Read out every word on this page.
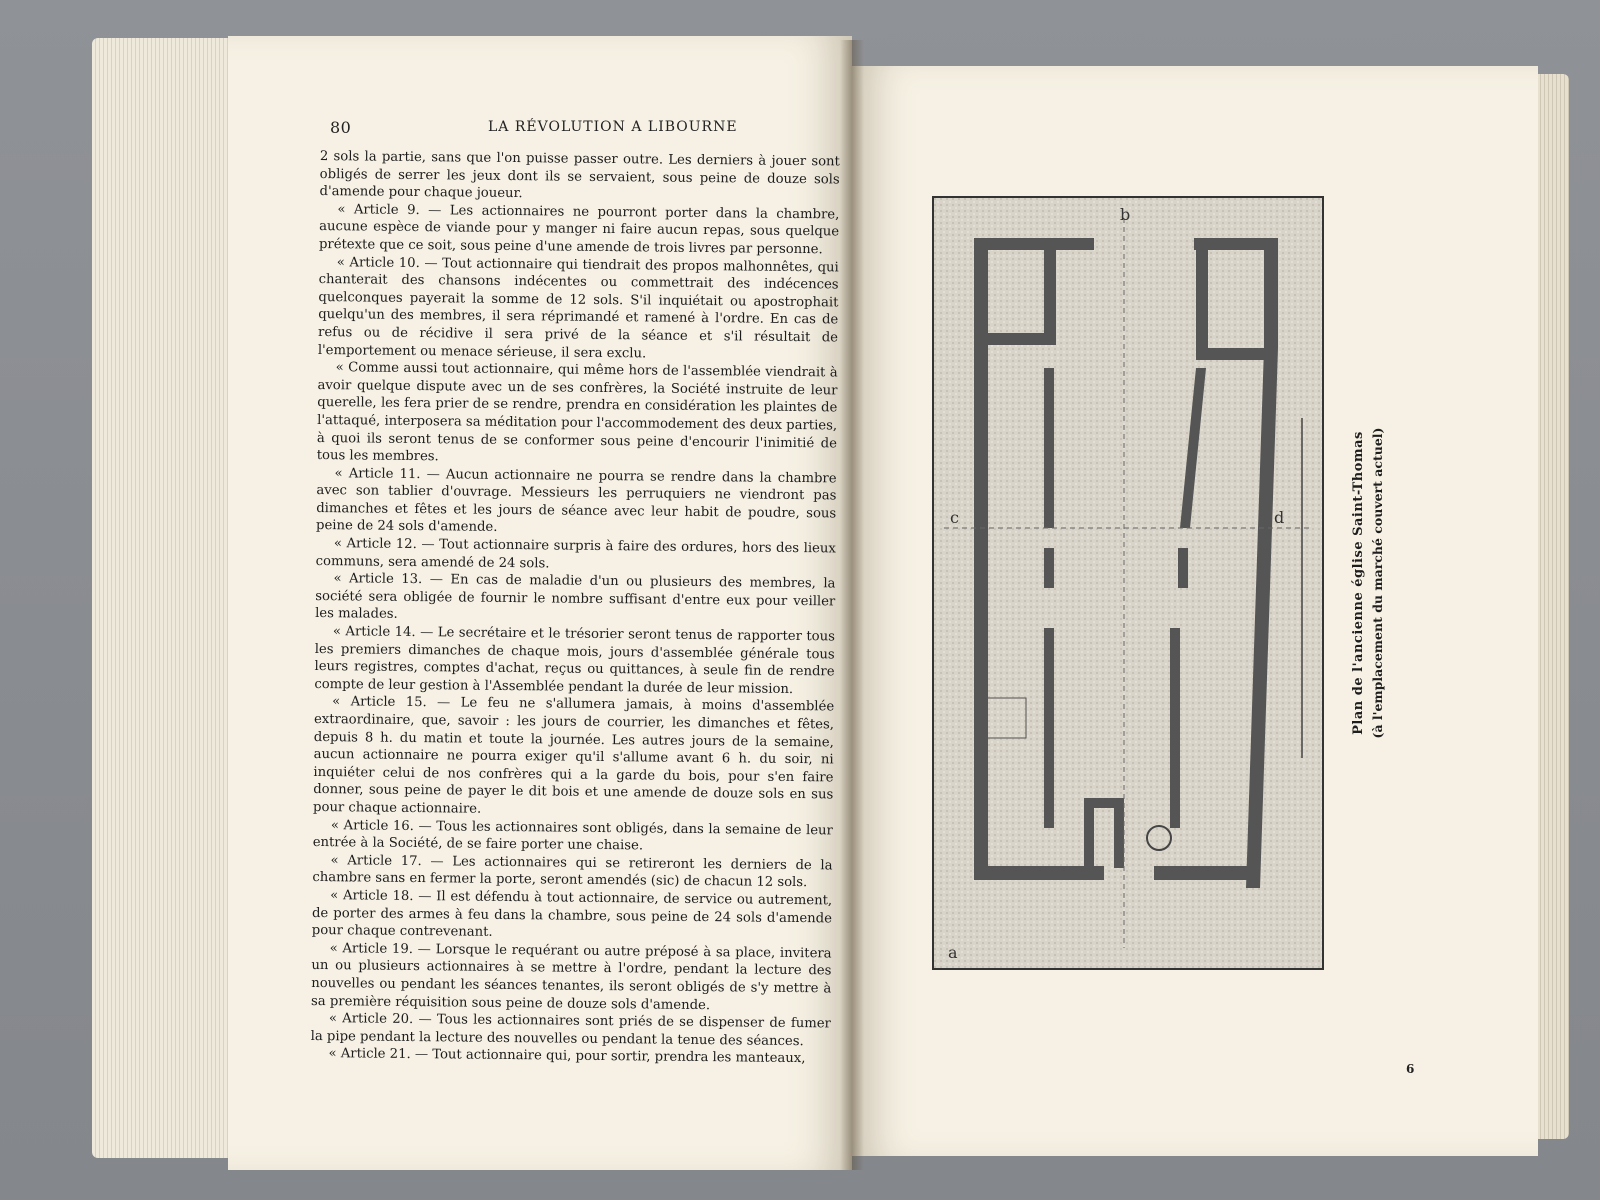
80	LA RÉVOLUTION A LIBOURNE

2 sols la partie, sans que l'on puisse passer outre. Les derniers à jouer sont obligés de serrer les jeux dont ils se servaient, sous peine de douze sols d'amende pour chaque joueur.

« Article 9. — Les actionnaires ne pourront porter dans la chambre, aucune espèce de viande pour y manger ni faire aucun repas, sous quelque prétexte que ce soit, sous peine d'une amende de trois livres par personne.

« Article 10. — Tout actionnaire qui tiendrait des propos malhonnêtes, qui chanterait des chansons indécentes ou commettrait des indécences quelconques payerait la somme de 12 sols. S'il inquiétait ou apostrophait quelqu'un des membres, il sera réprimandé et ramené à l'ordre. En cas de refus ou de récidive il sera privé de la séance et s'il résultait de l'emportement ou menace sérieuse, il sera exclu.

« Comme aussi tout actionnaire, qui même hors de l'assemblée viendrait à avoir quelque dispute avec un de ses confrères, la Société instruite de leur querelle, les fera prier de se rendre, prendra en considération les plaintes de l'attaqué, interposera sa méditation pour l'accommodement des deux parties, à quoi ils seront tenus de se conformer sous peine d'encourir l'inimitié de tous les membres.

« Article 11. — Aucun actionnaire ne pourra se rendre dans la chambre avec son tablier d'ouvrage. Messieurs les perruquiers ne viendront pas dimanches et fêtes et les jours de séance avec leur habit de poudre, sous peine de 24 sols d'amende.

« Article 12. — Tout actionnaire surpris à faire des ordures, hors des lieux communs, sera amendé de 24 sols.

« Article 13. — En cas de maladie d'un ou plusieurs des membres, la société sera obligée de fournir le nombre suffisant d'entre eux pour veiller les malades.

« Article 14. — Le secrétaire et le trésorier seront tenus de rapporter tous les premiers dimanches de chaque mois, jours d'assemblée générale tous leurs registres, comptes d'achat, reçus ou quittances, à seule fin de rendre compte de leur gestion à l'Assemblée pendant la durée de leur mission.

« Article 15. — Le feu ne s'allumera jamais, à moins d'assemblée extraordinaire, que, savoir : les jours de courrier, les dimanches et fêtes, depuis 8 h. du matin et toute la journée. Les autres jours de la semaine, aucun actionnaire ne pourra exiger qu'il s'allume avant 6 h. du soir, ni inquiéter celui de nos confrères qui a la garde du bois, pour s'en faire donner, sous peine de payer le dit bois et une amende de douze sols en sus pour chaque actionnaire.

« Article 16. — Tous les actionnaires sont obligés, dans la semaine de leur entrée à la Société, de se faire porter une chaise.

« Article 17. — Les actionnaires qui se retireront les derniers de la chambre sans en fermer la porte, seront amendés (sic) de chacun 12 sols.

« Article 18. — Il est défendu à tout actionnaire, de service ou autrement, de porter des armes à feu dans la chambre, sous peine de 24 sols d'amende pour chaque contrevenant.

« Article 19. — Lorsque le requérant ou autre préposé à sa place, invitera un ou plusieurs actionnaires à se mettre à l'ordre, pendant la lecture des nouvelles ou pendant les séances tenantes, ils seront obligés de s'y mettre à sa première réquisition sous peine de douze sols d'amende.

« Article 20. — Tous les actionnaires sont priés de se dispenser de fumer la pipe pendant la lecture des nouvelles ou pendant la tenue des séances.

« Article 21. — Tout actionnaire qui, pour sortir, prendra les manteaux,

a
b
c	d	Plan de l'ancienne église Saint-Thomas (à l'emplacement du marché couvert actuel)
6
